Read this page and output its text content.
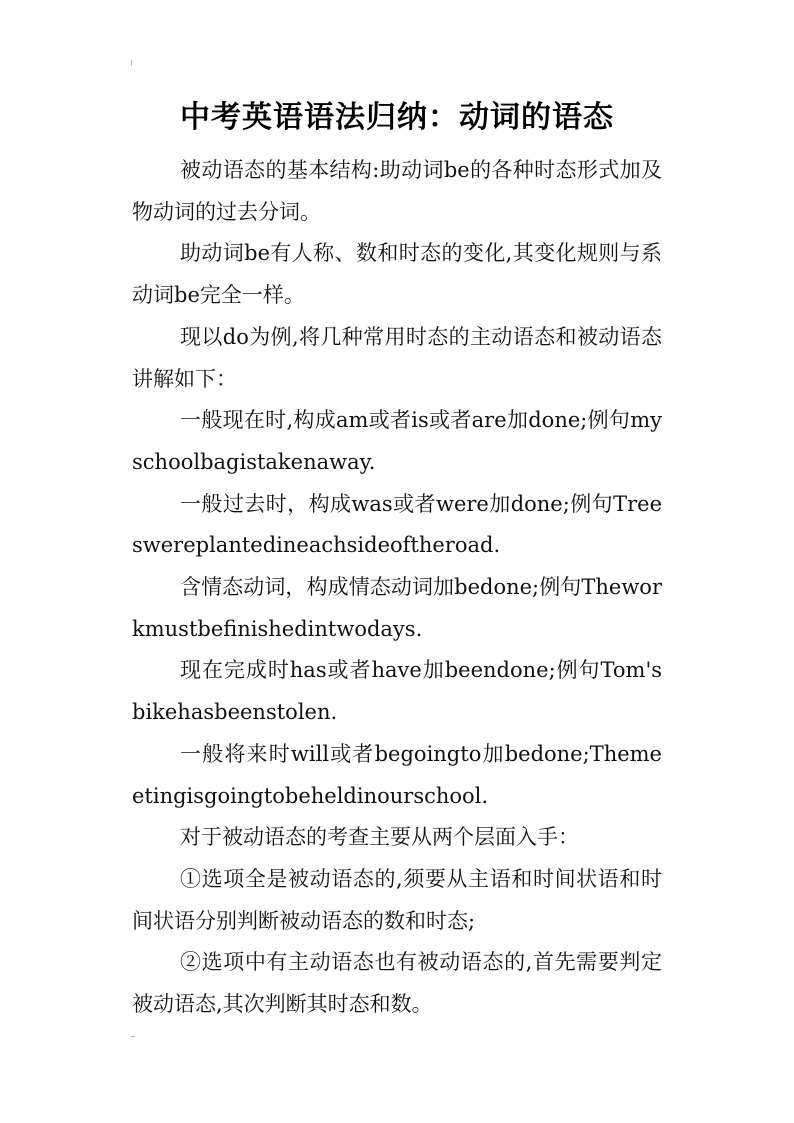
中考英语语法归纳：动词的语态

被动语态的基本结构:助动词be的各种时态形式加及物动词的过去分词。

助动词be有人称、数和时态的变化,其变化规则与系动词be完全一样。

现以do为例,将几种常用时态的主动语态和被动语态讲解如下：

一般现在时,构成am或者is或者are加done;例句myschoolbagistakenaway.

一般过去时，构成was或者were加done;例句Treeswereplantedineachsideoftheroad.

含情态动词，构成情态动词加bedone;例句Theworkmustbefinishedintwodays.

现在完成时has或者have加beendone;例句Tom'sbikehasbeenstolen.

一般将来时will或者begoingto加bedone;Themeetingisgoingtobeheldinourschool.

对于被动语态的考查主要从两个层面入手：

①选项全是被动语态的,须要从主语和时间状语和时间状语分别判断被动语态的数和时态;

②选项中有主动语态也有被动语态的,首先需要判定被动语态,其次判断其时态和数。
